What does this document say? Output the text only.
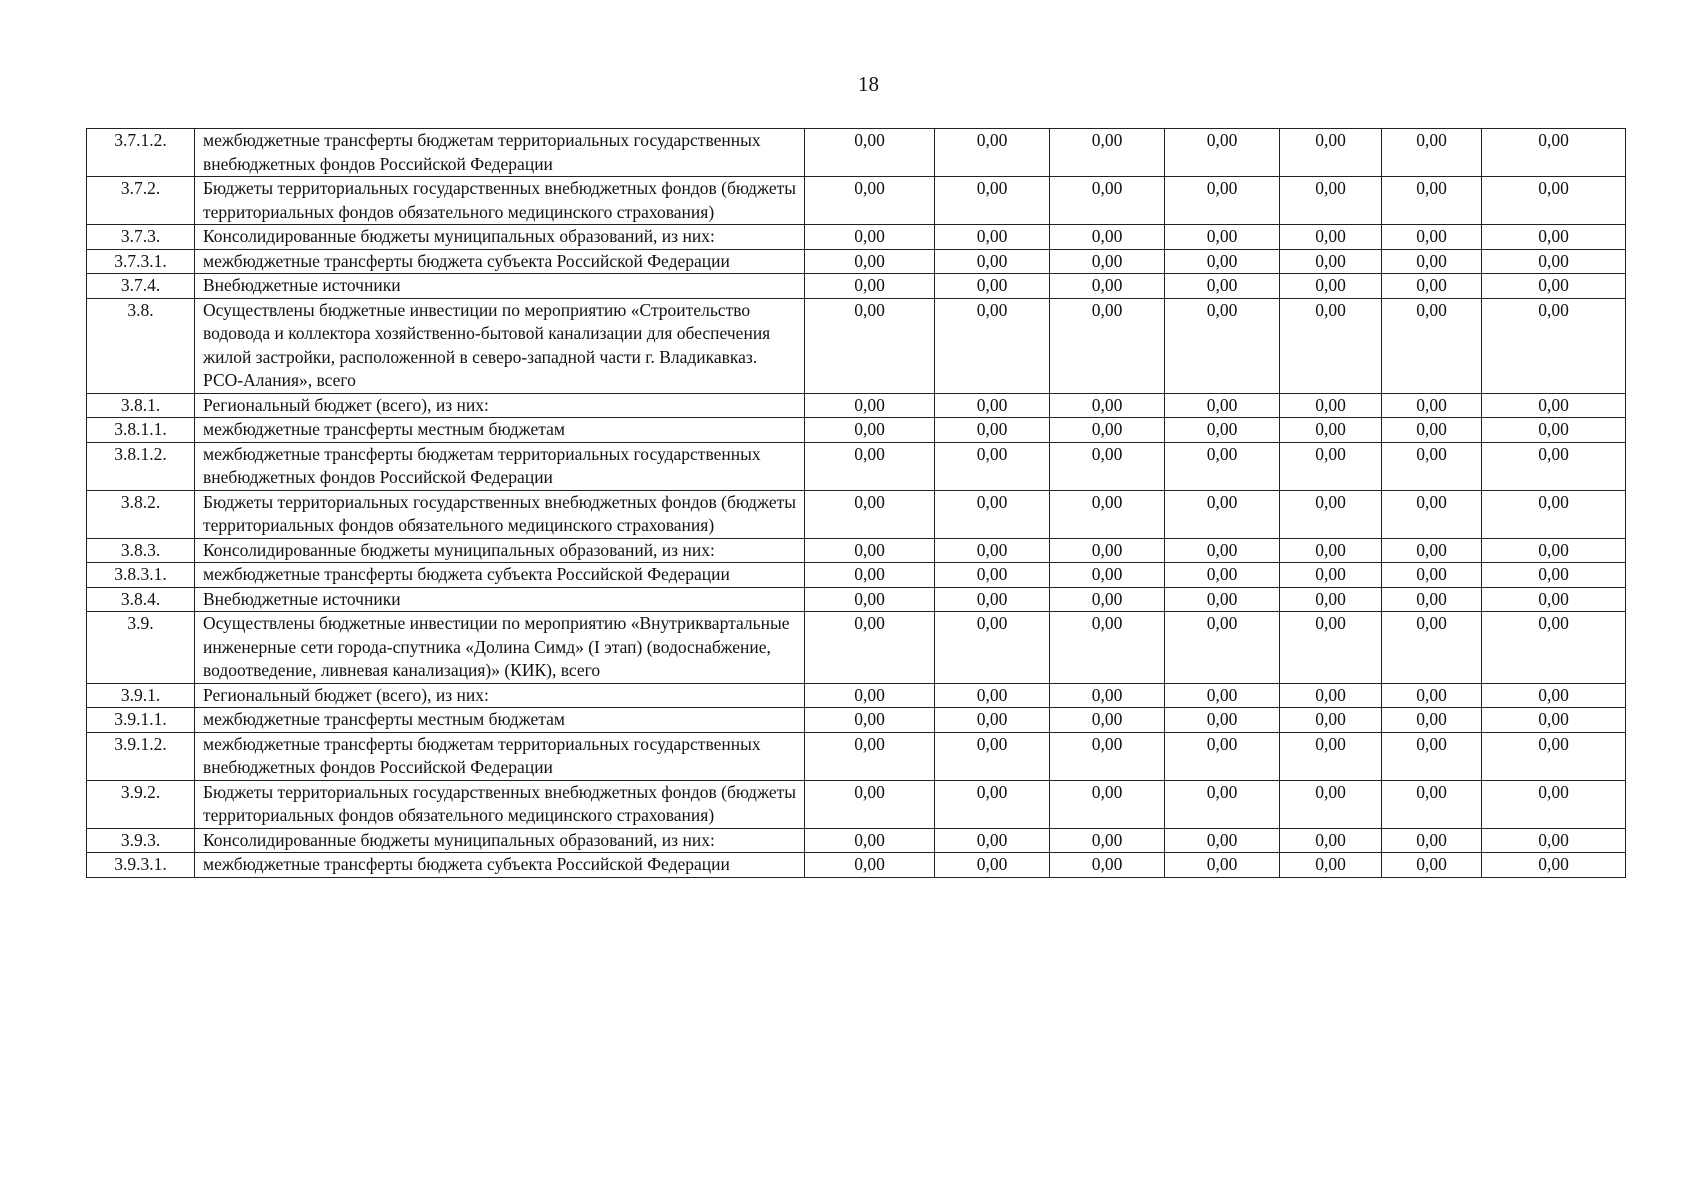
18
3.7.1.2.	межбюджетные трансферты бюджетам территориальных государственных внебюджетных фондов Российской Федерации	0,00	0,00	0,00	0,00	0,00	0,00	0,00
3.7.2.	Бюджеты территориальных государственных внебюджетных фондов (бюджеты территориальных фондов обязательного медицинского страхования)	0,00	0,00	0,00	0,00	0,00	0,00	0,00
3.7.3.	Консолидированные бюджеты муниципальных образований, из них:	0,00	0,00	0,00	0,00	0,00	0,00	0,00
3.7.3.1.	межбюджетные трансферты бюджета субъекта Российской Федерации	0,00	0,00	0,00	0,00	0,00	0,00	0,00
3.7.4.	Внебюджетные источники	0,00	0,00	0,00	0,00	0,00	0,00	0,00
3.8.	Осуществлены бюджетные инвестиции по мероприятию «Строительство водовода и коллектора хозяйственно-бытовой канализации для обеспечения жилой застройки, расположенной в северо-западной части г. Владикавказ. РСО-Алания», всего	0,00	0,00	0,00	0,00	0,00	0,00	0,00
3.8.1.	Региональный бюджет (всего), из них:	0,00	0,00	0,00	0,00	0,00	0,00	0,00
3.8.1.1.	межбюджетные трансферты местным бюджетам	0,00	0,00	0,00	0,00	0,00	0,00	0,00
3.8.1.2.	межбюджетные трансферты бюджетам территориальных государственных внебюджетных фондов Российской Федерации	0,00	0,00	0,00	0,00	0,00	0,00	0,00
3.8.2.	Бюджеты территориальных государственных внебюджетных фондов (бюджеты территориальных фондов обязательного медицинского страхования)	0,00	0,00	0,00	0,00	0,00	0,00	0,00
3.8.3.	Консолидированные бюджеты муниципальных образований, из них:	0,00	0,00	0,00	0,00	0,00	0,00	0,00
3.8.3.1.	межбюджетные трансферты бюджета субъекта Российской Федерации	0,00	0,00	0,00	0,00	0,00	0,00	0,00
3.8.4.	Внебюджетные источники	0,00	0,00	0,00	0,00	0,00	0,00	0,00
3.9.	Осуществлены бюджетные инвестиции по мероприятию «Внутриквартальные инженерные сети города-спутника «Долина Симд» (I этап) (водоснабжение, водоотведение, ливневая канализация)» (КИК), всего	0,00	0,00	0,00	0,00	0,00	0,00	0,00
3.9.1.	Региональный бюджет (всего), из них:	0,00	0,00	0,00	0,00	0,00	0,00	0,00
3.9.1.1.	межбюджетные трансферты местным бюджетам	0,00	0,00	0,00	0,00	0,00	0,00	0,00
3.9.1.2.	межбюджетные трансферты бюджетам территориальных государственных внебюджетных фондов Российской Федерации	0,00	0,00	0,00	0,00	0,00	0,00	0,00
3.9.2.	Бюджеты территориальных государственных внебюджетных фондов (бюджеты территориальных фондов обязательного медицинского страхования)	0,00	0,00	0,00	0,00	0,00	0,00	0,00
3.9.3.	Консолидированные бюджеты муниципальных образований, из них:	0,00	0,00	0,00	0,00	0,00	0,00	0,00
3.9.3.1.	межбюджетные трансферты бюджета субъекта Российской Федерации	0,00	0,00	0,00	0,00	0,00	0,00	0,00
